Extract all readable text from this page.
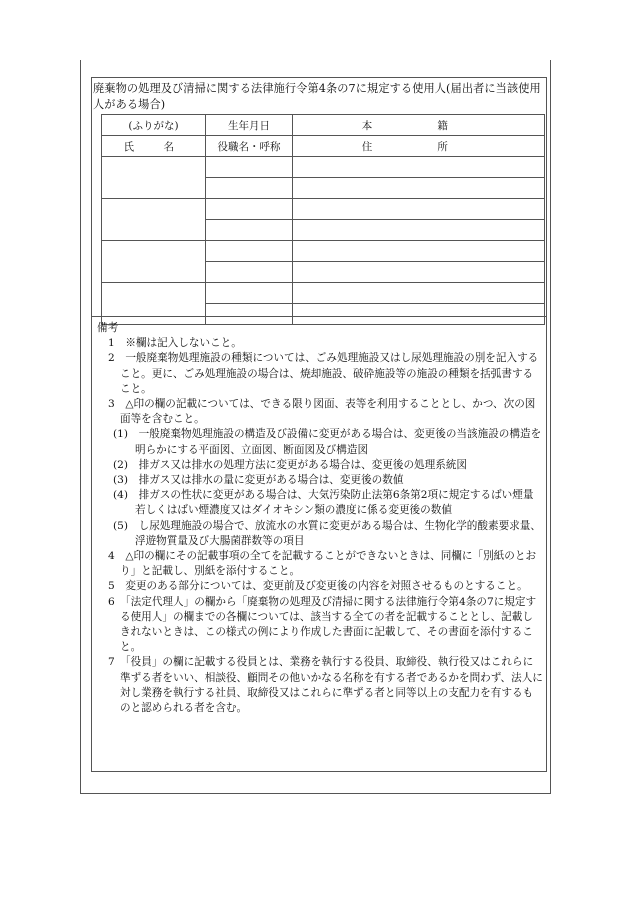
廃棄物の処理及び清掃に関する法律施行令第4条の7に規定する使用人(届出者に当該使用人がある場合)
(ふりがな)	生年月日	本　籍
氏　名	役職名・呼称	住　所

備考

1　※欄は記入しないこと。

2　一般廃棄物処理施設の種類については、ごみ処理施設又はし尿処理施設の別を記入すること。更に、ごみ処理施設の場合は、焼却施設、破砕施設等の施設の種類を括弧書すること。

3　△印の欄の記載については、できる限り図面、表等を利用することとし、かつ、次の図面等を含むこと。

(1)　一般廃棄物処理施設の構造及び設備に変更がある場合は、変更後の当該施設の構造を明らかにする平面図、立面図、断面図及び構造図

(2)　排ガス又は排水の処理方法に変更がある場合は、変更後の処理系統図

(3)　排ガス又は排水の量に変更がある場合は、変更後の数値

(4)　排ガスの性状に変更がある場合は、大気汚染防止法第6条第2項に規定するばい煙量若しくはばい煙濃度又はダイオキシン類の濃度に係る変更後の数値

(5)　し尿処理施設の場合で、放流水の水質に変更がある場合は、生物化学的酸素要求量、浮遊物質量及び大腸菌群数等の項目

4　△印の欄にその記載事項の全てを記載することができないときは、同欄に「別紙のとおり」と記載し、別紙を添付すること。

5　変更のある部分については、変更前及び変更後の内容を対照させるものとすること。

6　「法定代理人」の欄から「廃棄物の処理及び清掃に関する法律施行令第4条の7に規定する使用人」の欄までの各欄については、該当する全ての者を記載することとし、記載しきれないときは、この様式の例により作成した書面に記載して、その書面を添付すること。

7　「役員」の欄に記載する役員とは、業務を執行する役員、取締役、執行役又はこれらに準ずる者をいい、相談役、顧問その他いかなる名称を有する者であるかを問わず、法人に対し業務を執行する社員、取締役又はこれらに準ずる者と同等以上の支配力を有するものと認められる者を含む。
